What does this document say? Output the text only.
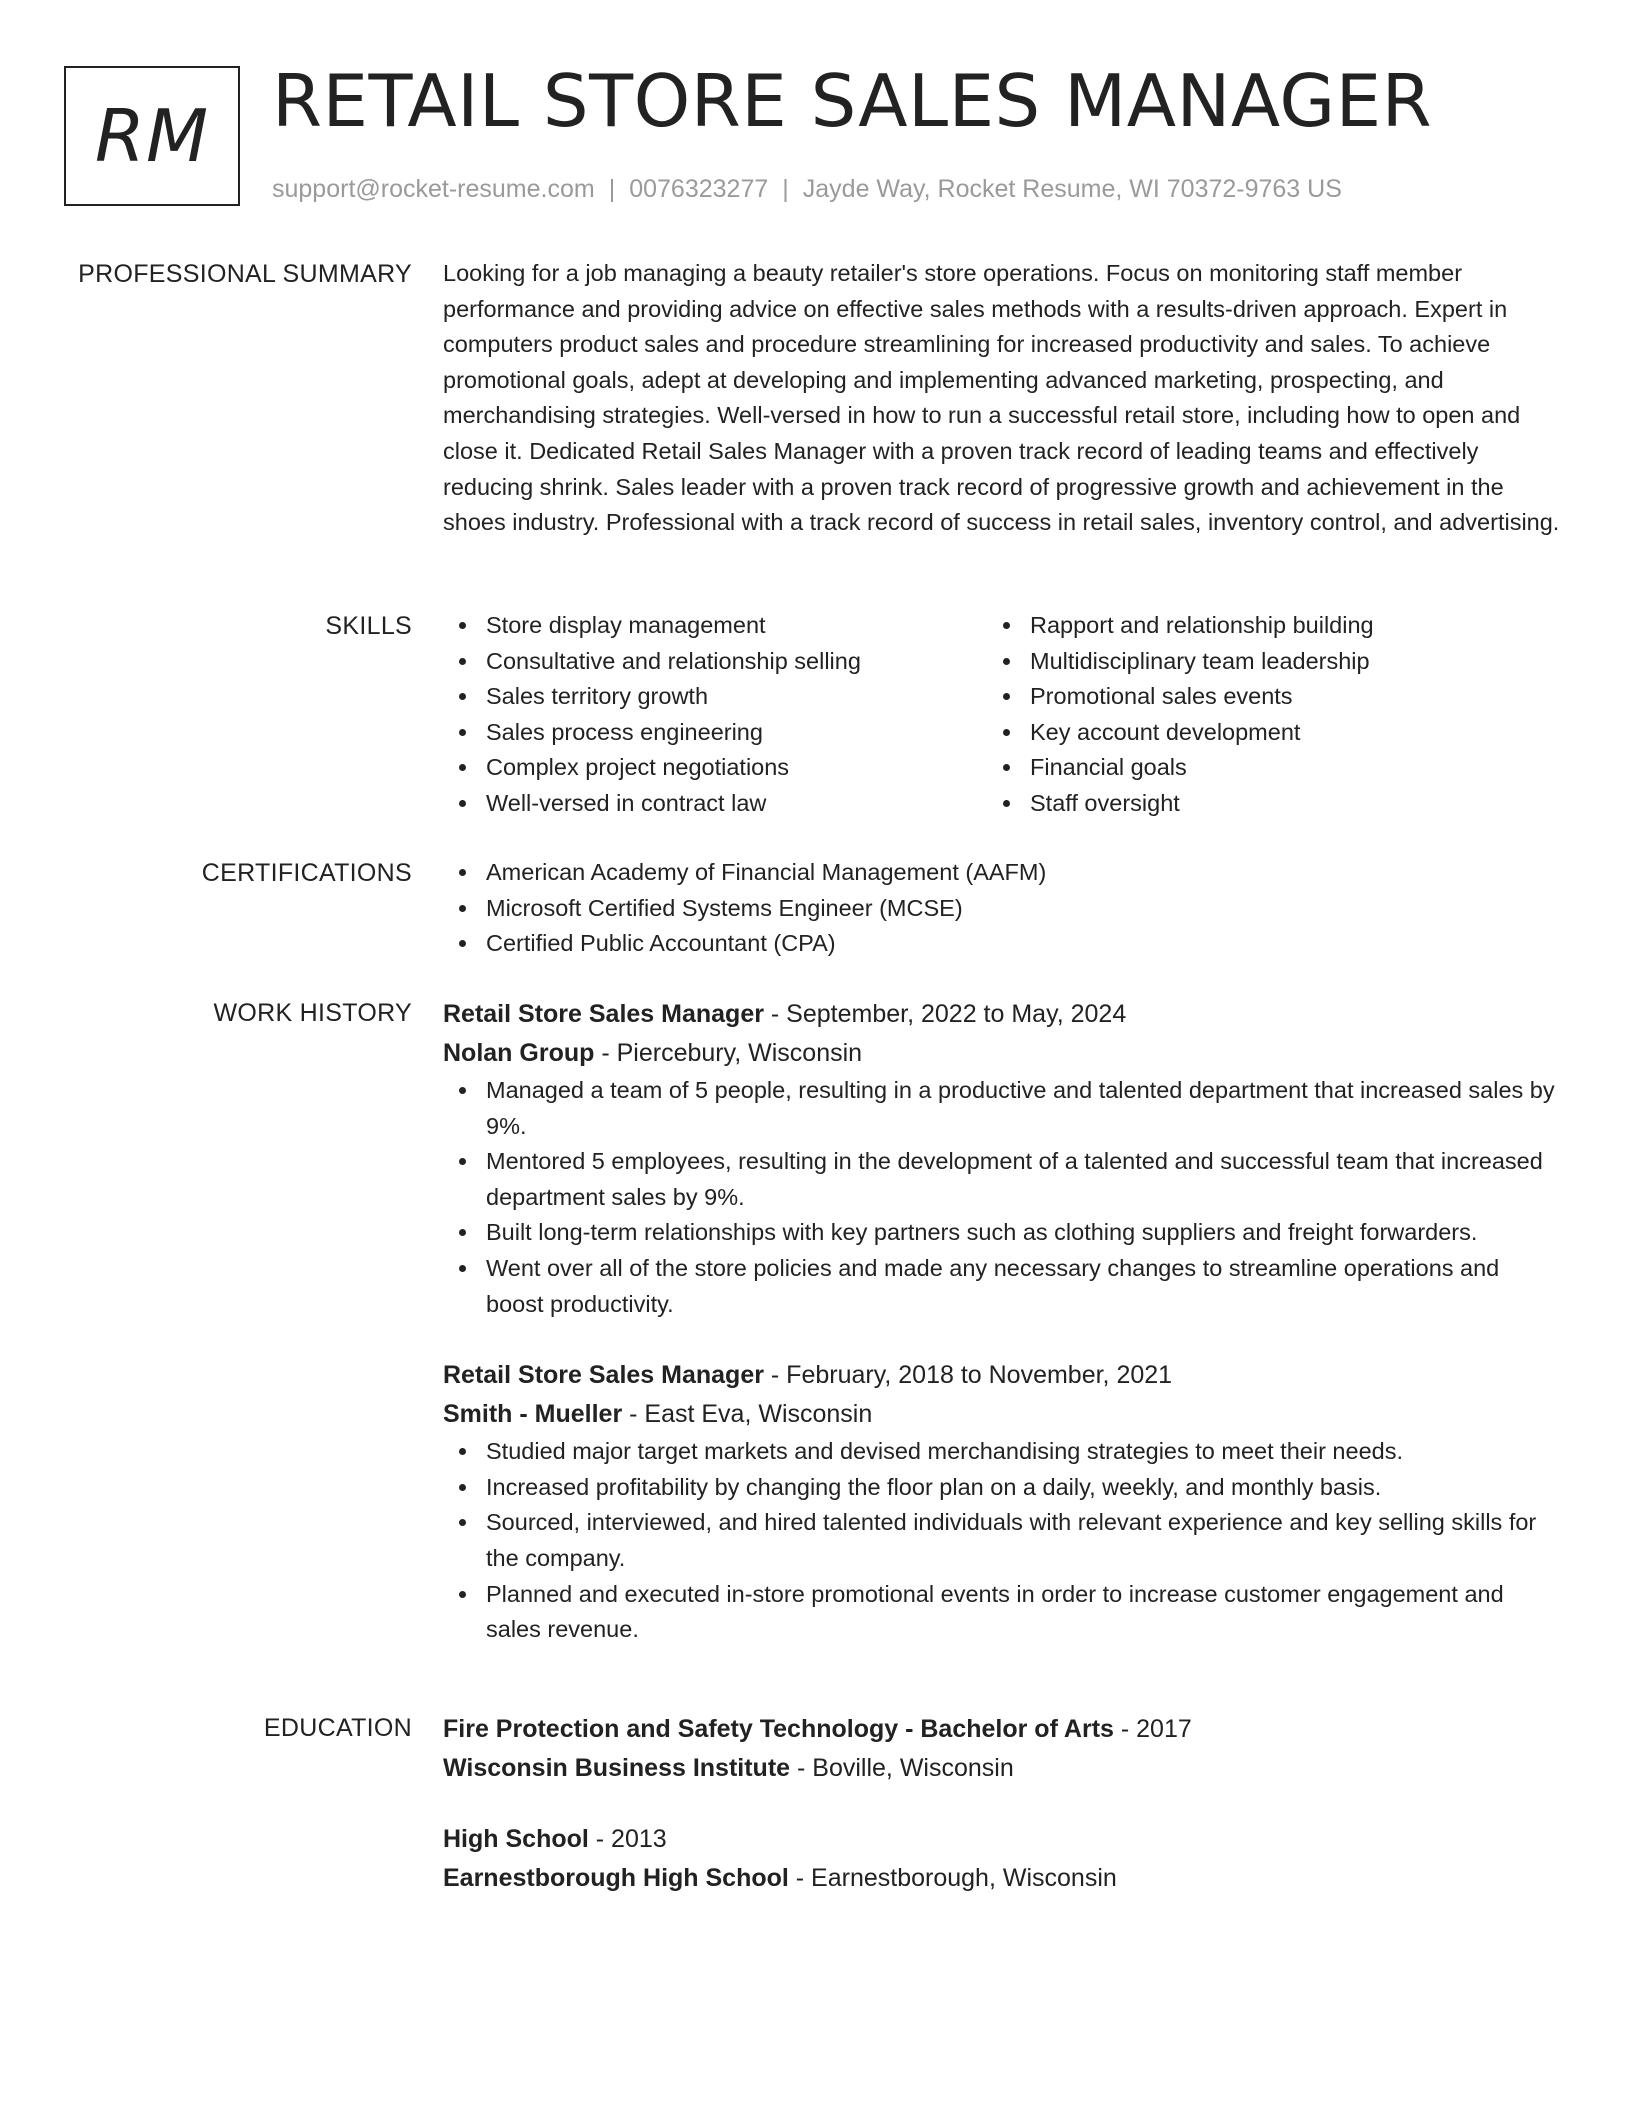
RM RETAIL STORE SALES MANAGER
support@rocket-resume.com | 0076323277 | Jayde Way, Rocket Resume, WI 70372-9763 US
PROFESSIONAL SUMMARY Looking for a job managing a beauty retailer's store operations. Focus on monitoring staff member performance and providing advice on effective sales methods with a results-driven approach. Expert in computers product sales and procedure streamlining for increased productivity and sales. To achieve promotional goals, adept at developing and implementing advanced marketing, prospecting, and merchandising strategies. Well-versed in how to run a successful retail store, including how to open and close it. Dedicated Retail Sales Manager with a proven track record of leading teams and effectively reducing shrink. Sales leader with a proven track record of progressive growth and achievement in the shoes industry. Professional with a track record of success in retail sales, inventory control, and advertising.

SKILLS	Store display management
Consultative and relationship selling
Sales territory growth
Sales process engineering
Complex project negotiations
Well-versed in contract law
Rapport and relationship building
Multidisciplinary team leadership
Promotional sales events
Key account development
Financial goals
Staff oversight
CERTIFICATIONS	American Academy of Financial Management (AAFM)
Microsoft Certified Systems Engineer (MCSE)
Certified Public Accountant (CPA)
WORK HISTORY Retail Store Sales Manager - September, 2022 to May, 2024
Nolan Group - Piercebury, Wisconsin
Managed a team of 5 people, resulting in a productive and talented department that increased sales by 9%.
Mentored 5 employees, resulting in the development of a talented and successful team that increased department sales by 9%.
Built long-term relationships with key partners such as clothing suppliers and freight forwarders.
Went over all of the store policies and made any necessary changes to streamline operations and boost productivity.
Retail Store Sales Manager - February, 2018 to November, 2021
Smith - Mueller - East Eva, Wisconsin
Studied major target markets and devised merchandising strategies to meet their needs.
Increased profitability by changing the floor plan on a daily, weekly, and monthly basis.
Sourced, interviewed, and hired talented individuals with relevant experience and key selling skills for the company.
Planned and executed in-store promotional events in order to increase customer engagement and sales revenue.
EDUCATION Fire Protection and Safety Technology - Bachelor of Arts - 2017
Wisconsin Business Institute - Boville, Wisconsin
High School - 2013
Earnestborough High School - Earnestborough, Wisconsin
